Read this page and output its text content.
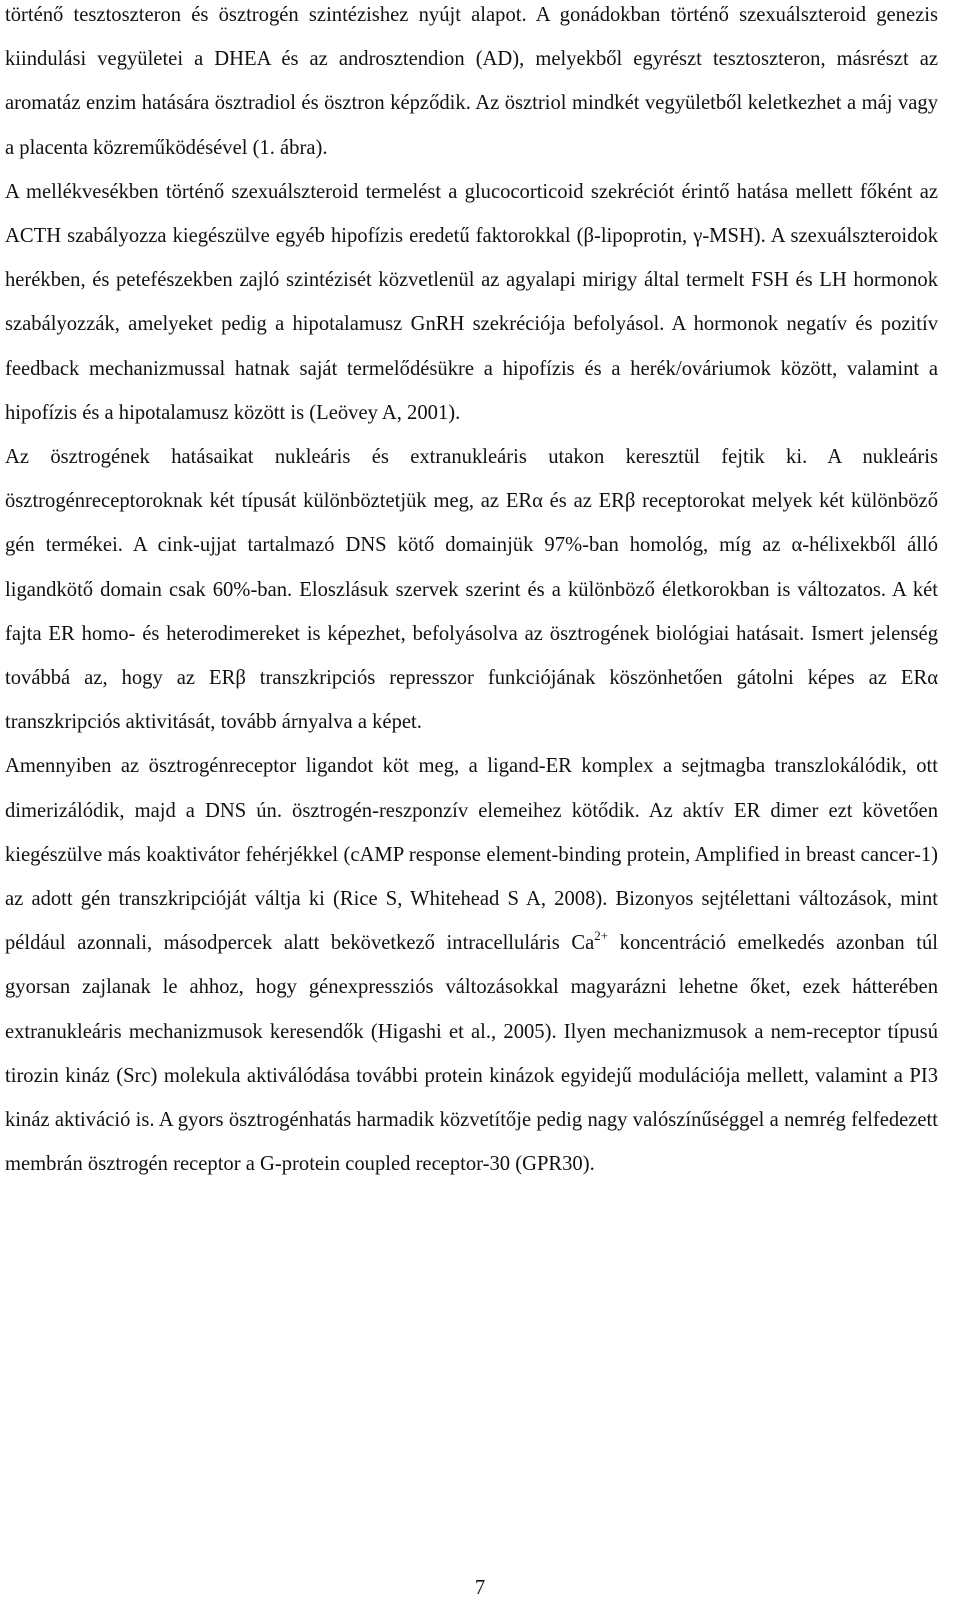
történő tesztoszteron és ösztrogén szintézishez nyújt alapot. A gonádokban történő szexuálszteroid genezis kiindulási vegyületei a DHEA és az androsztendion (AD), melyekből egyrészt tesztoszteron, másrészt az aromatáz enzim hatására ösztradiol és ösztron képződik. Az ösztriol mindkét vegyületből keletkezhet a máj vagy a placenta közreműködésével (1. ábra).

A mellékvesékben történő szexuálszteroid termelést a glucocorticoid szekréciót érintő hatása mellett főként az ACTH szabályozza kiegészülve egyéb hipofízis eredetű faktorokkal (β-lipoprotin, γ-MSH). A szexuálszteroidok herékben, és petefészekben zajló szintézisét közvetlenül az agyalapi mirigy által termelt FSH és LH hormonok szabályozzák, amelyeket pedig a hipotalamusz GnRH szekréciója befolyásol. A hormonok negatív és pozitív feedback mechanizmussal hatnak saját termelődésükre a hipofízis és a herék/ováriumok között, valamint a hipofízis és a hipotalamusz között is (Leövey A, 2001).

Az ösztrogének hatásaikat nukleáris és extranukleáris utakon keresztül fejtik ki. A nukleáris ösztrogénreceptoroknak két típusát különböztetjük meg, az ERα és az ERβ receptorokat melyek két különböző gén termékei. A cink-ujjat tartalmazó DNS kötő domainjük 97%-ban homológ, míg az α-hélixekből álló ligandkötő domain csak 60%-ban. Eloszlásuk szervek szerint és a különböző életkorokban is változatos. A két fajta ER homo- és heterodimereket is képezhet, befolyásolva az ösztrogének biológiai hatásait. Ismert jelenség továbbá az, hogy az ERβ transzkripciós represszor funkciójának köszönhetően gátolni képes az ERα transzkripciós aktivitását, tovább árnyalva a képet.

Amennyiben az ösztrogénreceptor ligandot köt meg, a ligand-ER komplex a sejtmagba transzlokálódik, ott dimerizálódik, majd a DNS ún. ösztrogén-reszponzív elemeihez kötődik. Az aktív ER dimer ezt követően kiegészülve más koaktivátor fehérjékkel (cAMP response element-binding protein, Amplified in breast cancer-1) az adott gén transzkripcióját váltja ki (Rice S, Whitehead S A, 2008). Bizonyos sejtélettani változások, mint például azonnali, másodpercek alatt bekövetkező intracelluláris $Ca^{2+}$ koncentráció emelkedés azonban túl gyorsan zajlanak le ahhoz, hogy génexpressziós változásokkal magyarázni lehetne őket, ezek hátterében extranukleáris mechanizmusok keresendők (Higashi et al., 2005). Ilyen mechanizmusok a nem-receptor típusú tirozin kináz (Src) molekula aktiválódása további protein kinázok egyidejű modulációja mellett, valamint a PI3 kináz aktiváció is. A gyors ösztrogénhatás harmadik közvetítője pedig nagy valószínűséggel a nemrég felfedezett membrán ösztrogén receptor a G-protein coupled receptor-30 (GPR30).

7
